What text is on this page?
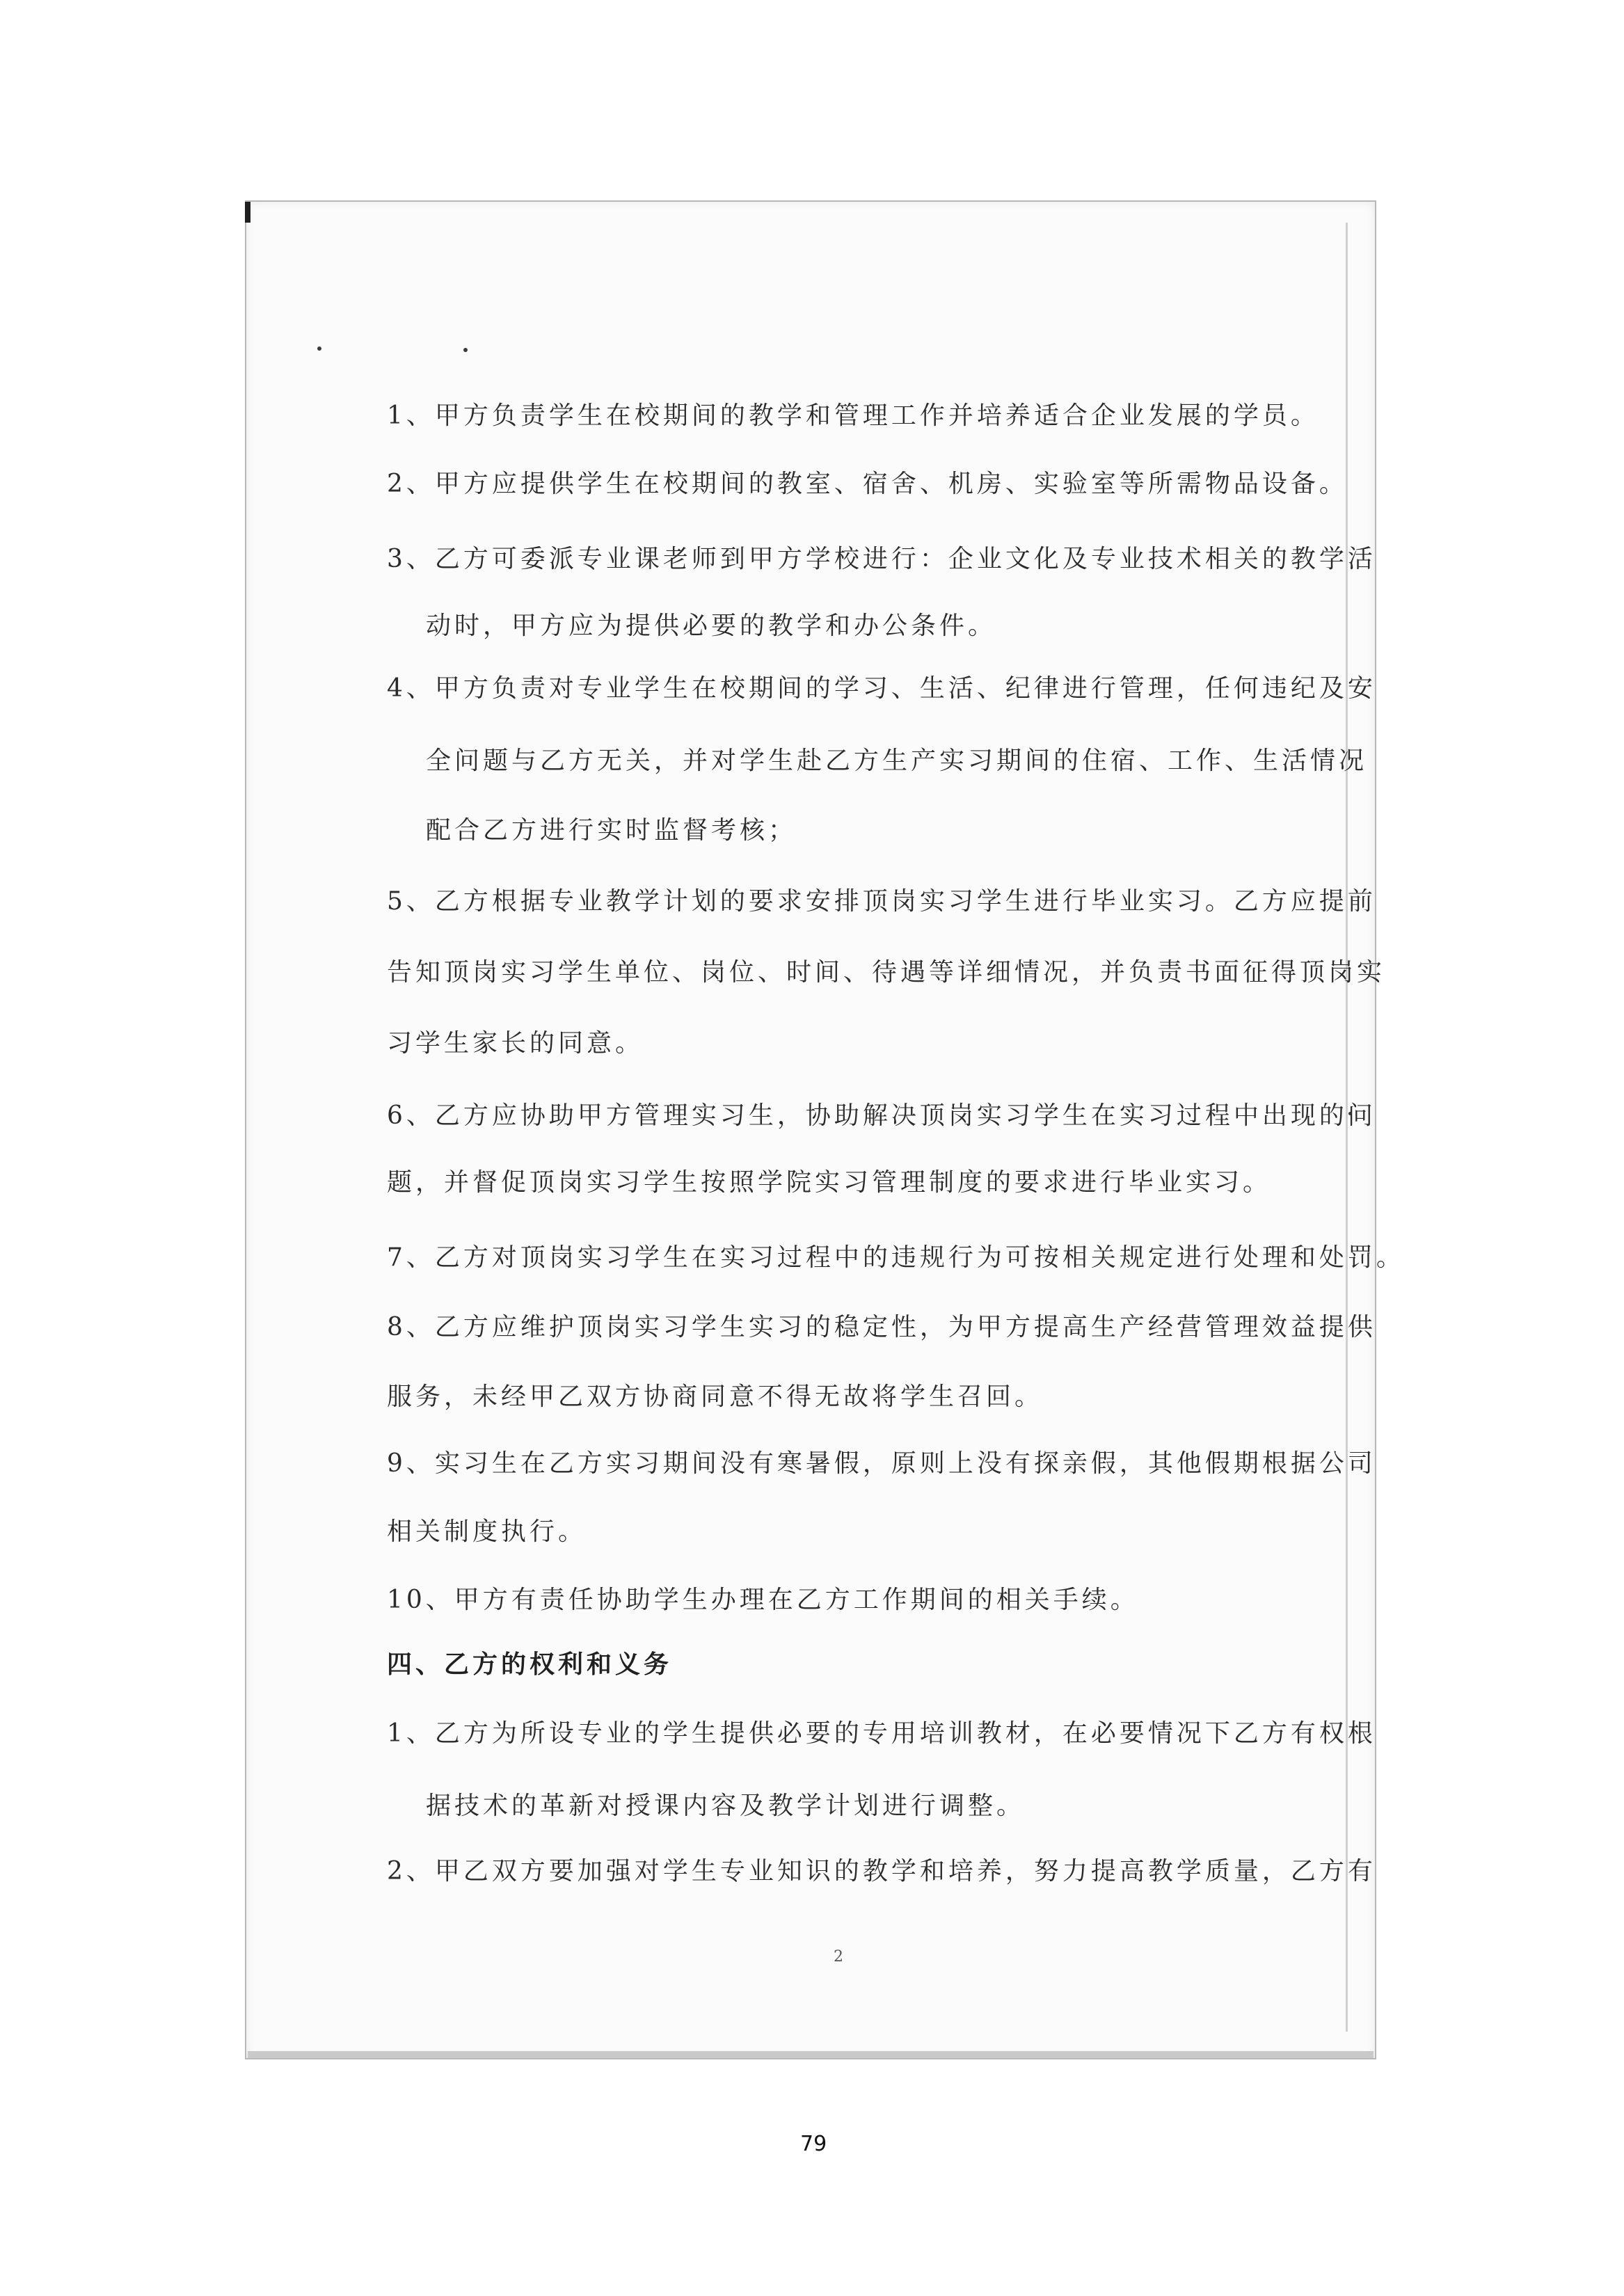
1、甲方负责学生在校期间的教学和管理工作并培养适合企业发展的学员。
2、甲方应提供学生在校期间的教室、宿舍、机房、实验室等所需物品设备。
3、乙方可委派专业课老师到甲方学校进行：企业文化及专业技术相关的教学活
动时，甲方应为提供必要的教学和办公条件。
4、甲方负责对专业学生在校期间的学习、生活、纪律进行管理，任何违纪及安
全问题与乙方无关，并对学生赴乙方生产实习期间的住宿、工作、生活情况
配合乙方进行实时监督考核；
5、乙方根据专业教学计划的要求安排顶岗实习学生进行毕业实习。乙方应提前
告知顶岗实习学生单位、岗位、时间、待遇等详细情况，并负责书面征得顶岗实
习学生家长的同意。
6、乙方应协助甲方管理实习生，协助解决顶岗实习学生在实习过程中出现的问
题，并督促顶岗实习学生按照学院实习管理制度的要求进行毕业实习。
7、乙方对顶岗实习学生在实习过程中的违规行为可按相关规定进行处理和处罚。
8、乙方应维护顶岗实习学生实习的稳定性，为甲方提高生产经营管理效益提供
服务，未经甲乙双方协商同意不得无故将学生召回。
9、实习生在乙方实习期间没有寒暑假，原则上没有探亲假，其他假期根据公司
相关制度执行。
10、甲方有责任协助学生办理在乙方工作期间的相关手续。
四、乙方的权利和义务
1、乙方为所设专业的学生提供必要的专用培训教材，在必要情况下乙方有权根
据技术的革新对授课内容及教学计划进行调整。
2、甲乙双方要加强对学生专业知识的教学和培养，努力提高教学质量，乙方有
2
79
